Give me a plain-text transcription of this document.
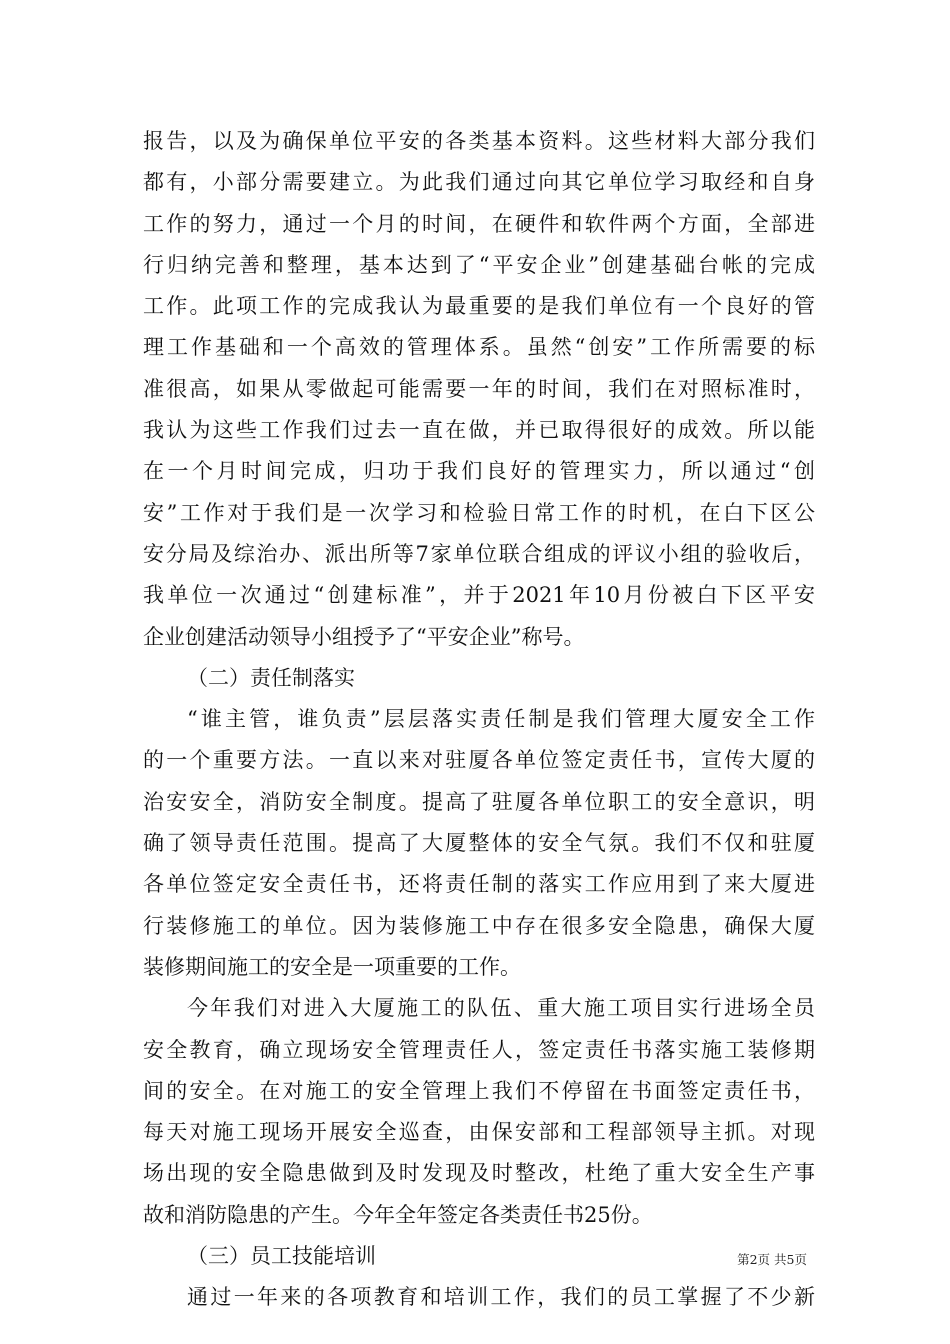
报告，以及为确保单位平安的各类基本资料。这些材料大部分我们
都有，小部分需要建立。为此我们通过向其它单位学习取经和自身
工作的努力，通过一个月的时间，在硬件和软件两个方面，全部进
行归纳完善和整理，基本达到了“平安企业”创建基础台帐的完成
工作。此项工作的完成我认为最重要的是我们单位有一个良好的管
理工作基础和一个高效的管理体系。虽然“创安”工作所需要的标
准很高，如果从零做起可能需要一年的时间，我们在对照标准时，
我认为这些工作我们过去一直在做，并已取得很好的成效。所以能
在一个月时间完成，归功于我们良好的管理实力，所以通过“创
安”工作对于我们是一次学习和检验日常工作的时机，在白下区公
安分局及综治办、派出所等7家单位联合组成的评议小组的验收后，
我单位一次通过“创建标准”，并于2021年10月份被白下区平安
企业创建活动领导小组授予了“平安企业”称号。
（二）责任制落实
“谁主管，谁负责”层层落实责任制是我们管理大厦安全工作
的一个重要方法。一直以来对驻厦各单位签定责任书，宣传大厦的
治安安全，消防安全制度。提高了驻厦各单位职工的安全意识，明
确了领导责任范围。提高了大厦整体的安全气氛。我们不仅和驻厦
各单位签定安全责任书，还将责任制的落实工作应用到了来大厦进
行装修施工的单位。因为装修施工中存在很多安全隐患，确保大厦
装修期间施工的安全是一项重要的工作。
今年我们对进入大厦施工的队伍、重大施工项目实行进场全员
安全教育，确立现场安全管理责任人，签定责任书落实施工装修期
间的安全。在对施工的安全管理上我们不停留在书面签定责任书，
每天对施工现场开展安全巡查，由保安部和工程部领导主抓。对现
场出现的安全隐患做到及时发现及时整改，杜绝了重大安全生产事
故和消防隐患的产生。今年全年签定各类责任书25份。
（三）员工技能培训
通过一年来的各项教育和培训工作，我们的员工掌握了不少新
第2页 共5页
